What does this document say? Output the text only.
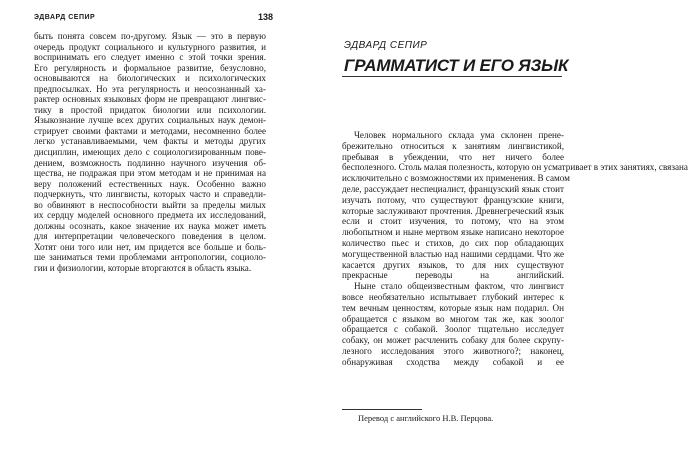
ЭДВАРД СЕПИР	138
быть понята совсем по-другому. Язык — это в первую
очередь продукт социального и культурного развития, и
воспринимать его следует именно с этой точки зрения.
Его регулярность и формальное развитие, безусловно,
основываются на биологических и психологических
предпосылках. Но эта регулярность и неосознанный ха-
рактер основных языковых форм не превращают лингвис-
тику в простой придаток биологии или психологии.
Языкознание лучше всех других социальных наук демон-
стрирует своими фактами и методами, несомненно более
легко устанавливаемыми, чем факты и методы других
дисциплин, имеющих дело с социологизированным пове-
дением, возможность подлинно научного изучения об-
щества, не подражая при этом методам и не принимая на
веру положений естественных наук. Особенно важно
подчеркнуть, что лингвисты, которых часто и справедли-
во обвиняют в неспособности выйти за пределы милых
их сердцу моделей основного предмета их исследований,
должны осознать, какое значение их наука может иметь
для интерпретации человеческого поведения в целом.
Хотят они того или нет, им придется все больше и боль-
ше заниматься теми проблемами антропологии, социоло-
гии и физиологии, которые вторгаются в область языка.
ЭДВАРД СЕПИР
ГРАММАТИСТ И ЕГО ЯЗЫК
Человек нормального склада ума склонен прене-
брежительно относиться к занятиям лингвистикой,
пребывая в убеждении, что нет ничего более
бесполезного. Столь малая полезность, которую он усматривает в этих занятиях, связана
исключительно с возможностями их применения. В самом
деле, рассуждает неспециалист, французский язык стоит
изучать потому, что существуют французские книги,
которые заслуживают прочтения. Древнегреческий язык
если и стоит изучения, то потому, что на этом
любопытном и ныне мертвом языке написано некоторое
количество пьес и стихов, до сих пор обладающих
могущественной властью над нашими сердцами. Что же
касается других языков, то для них существуют
прекрасные переводы на английский.
Ныне стало общеизвестным фактом, что лингвист
вовсе необязательно испытывает глубокий интерес к
тем вечным ценностям, которые язык нам подарил. Он
обращается с языком во многом так же, как зоолог
обращается с собакой. Зоолог тщательно исследует
собаку, он может расчленить собаку для более скрупу-
лезного исследования этого животного?; наконец,
обнаруживая сходства между собакой и ее
Перевод с английского Н.В. Перцова.
